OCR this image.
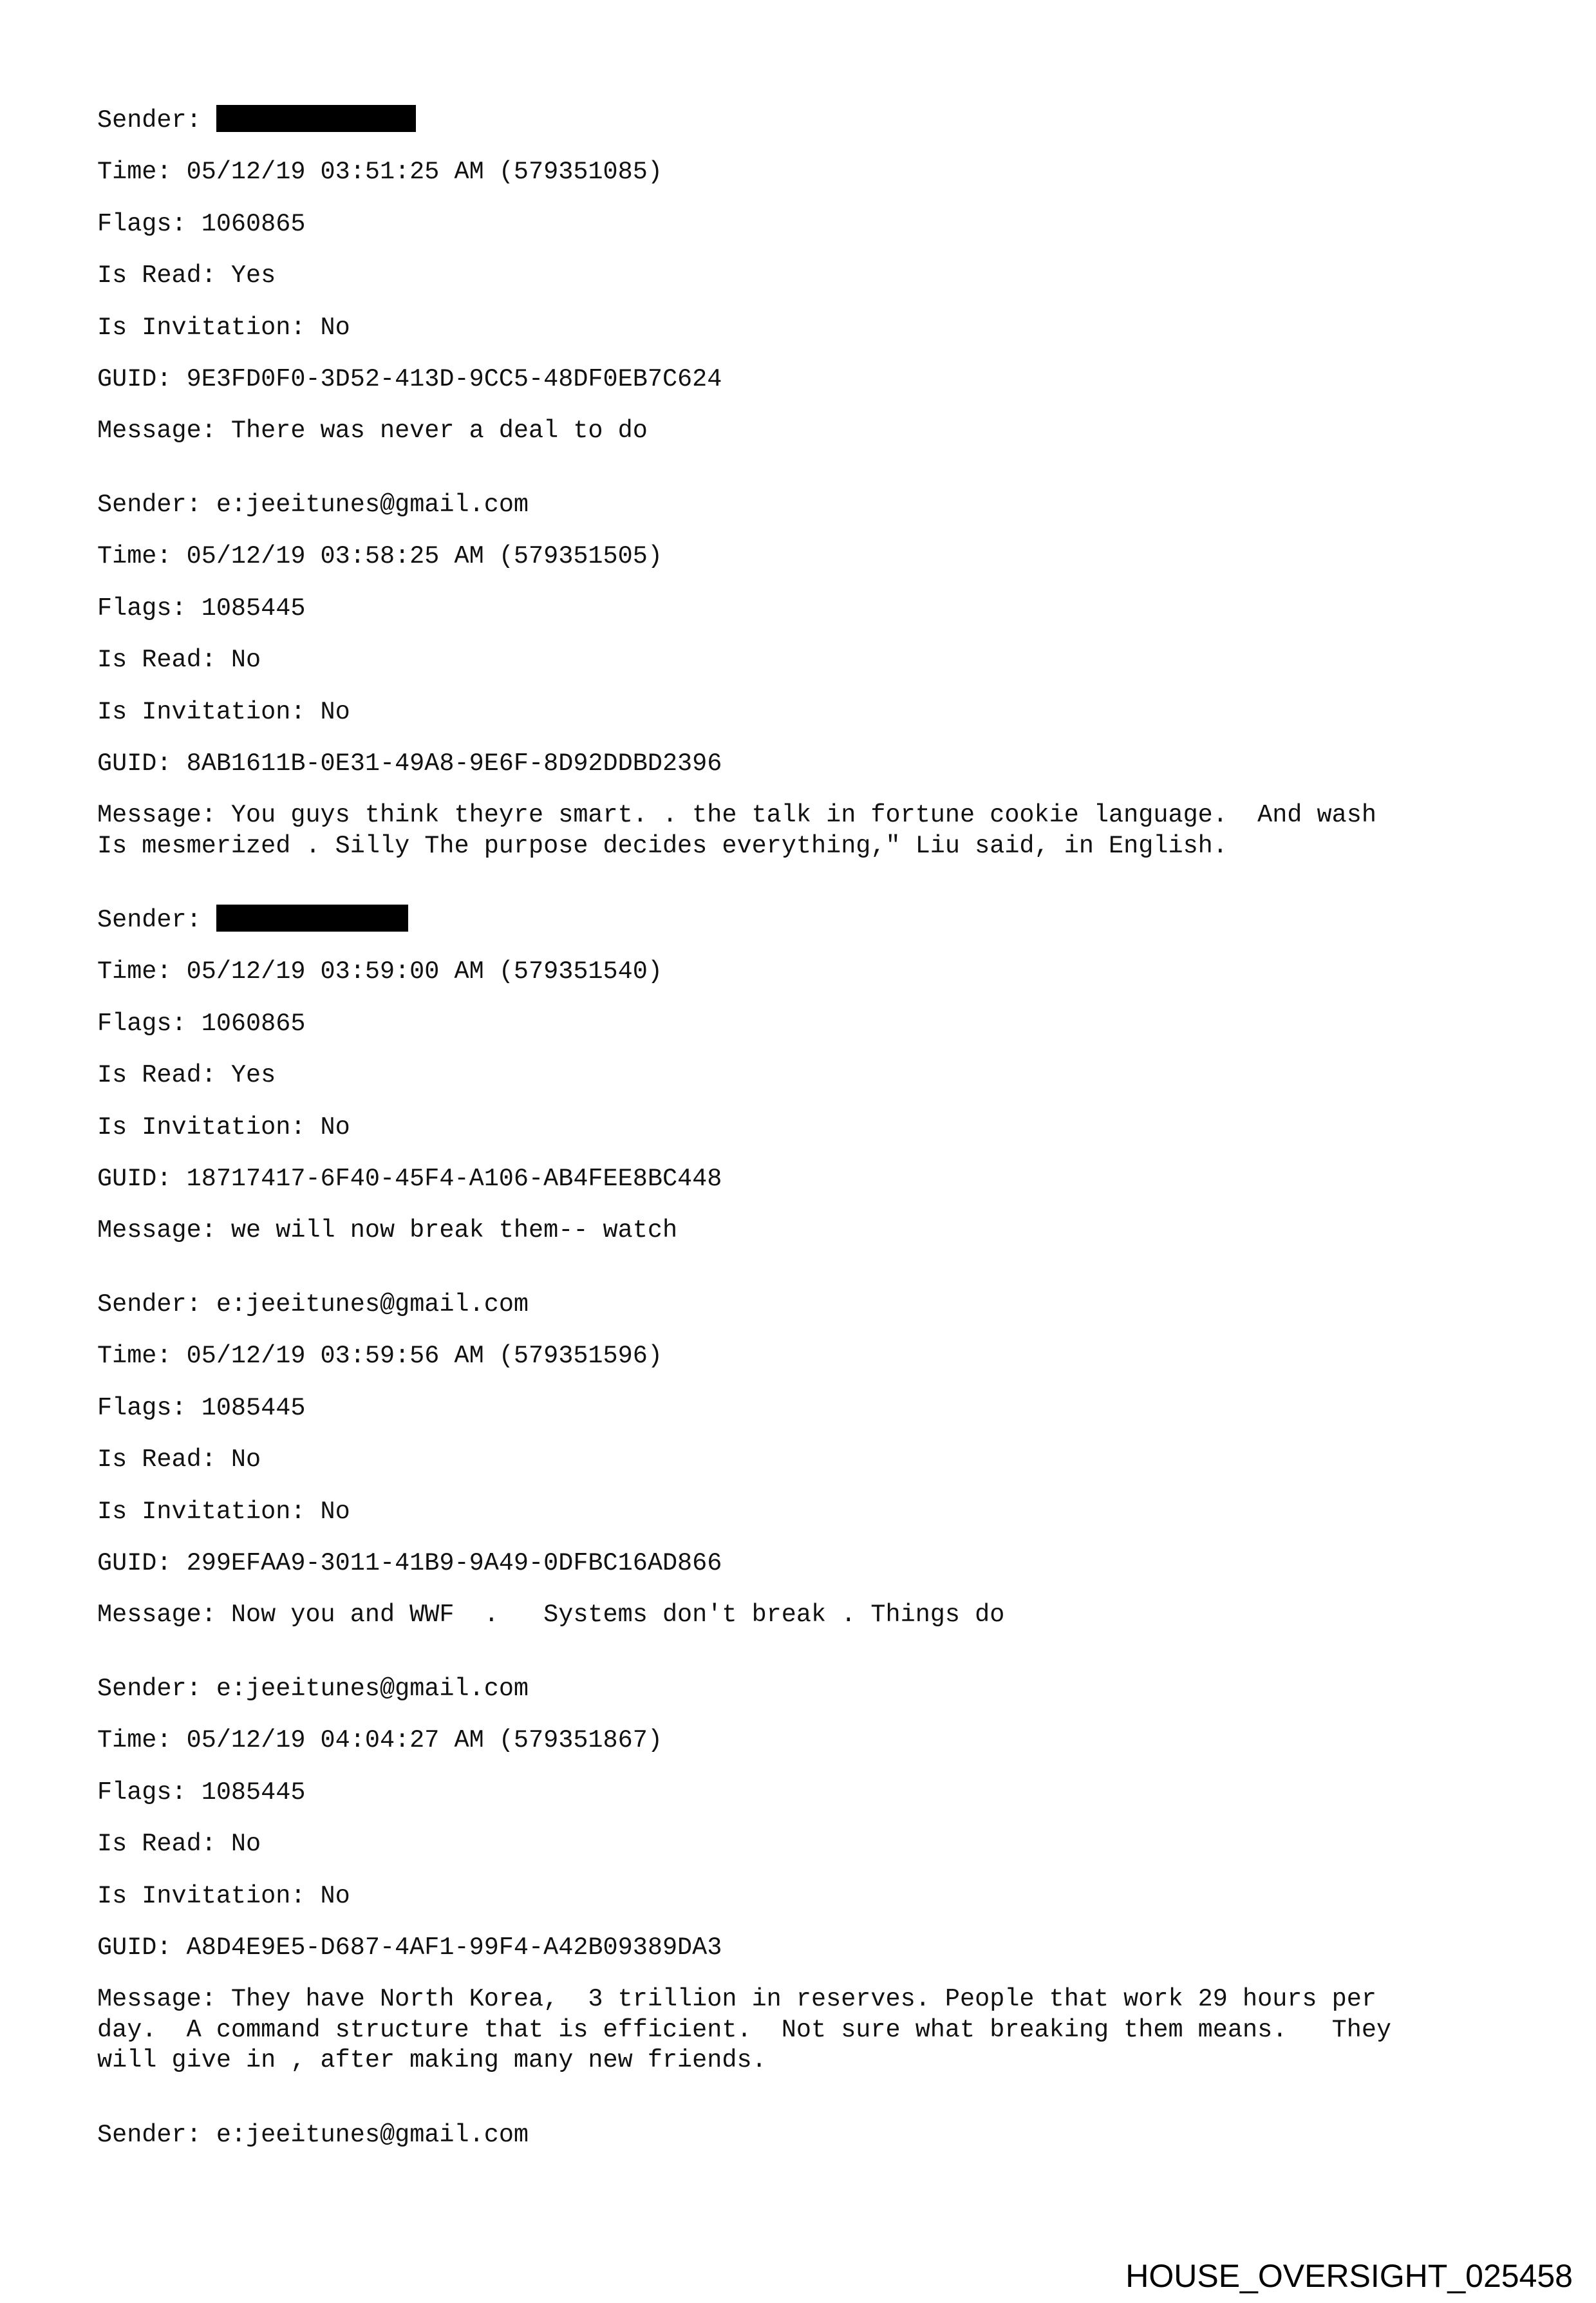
Sender:
Time: 05/12/19 03:51:25 AM (579351085)
Flags: 1060865
Is Read: Yes
Is Invitation: No
GUID: 9E3FD0F0-3D52-413D-9CC5-48DF0EB7C624
Message: There was never a deal to do
Sender: e:jeeitunes@gmail.com
Time: 05/12/19 03:58:25 AM (579351505)
Flags: 1085445
Is Read: No
Is Invitation: No
GUID: 8AB1611B-0E31-49A8-9E6F-8D92DDBD2396
Message: You guys think theyre smart. . the talk in fortune cookie language.  And wash
Is mesmerized . Silly The purpose decides everything," Liu said, in English.
Sender:
Time: 05/12/19 03:59:00 AM (579351540)
Flags: 1060865
Is Read: Yes
Is Invitation: No
GUID: 18717417-6F40-45F4-A106-AB4FEE8BC448
Message: we will now break them-- watch
Sender: e:jeeitunes@gmail.com
Time: 05/12/19 03:59:56 AM (579351596)
Flags: 1085445
Is Read: No
Is Invitation: No
GUID: 299EFAA9-3011-41B9-9A49-0DFBC16AD866
Message: Now you and WWF  .   Systems don't break . Things do
Sender: e:jeeitunes@gmail.com
Time: 05/12/19 04:04:27 AM (579351867)
Flags: 1085445
Is Read: No
Is Invitation: No
GUID: A8D4E9E5-D687-4AF1-99F4-A42B09389DA3
Message: They have North Korea,  3 trillion in reserves. People that work 29 hours per
day.  A command structure that is efficient.  Not sure what breaking them means.   They
will give in , after making many new friends.
Sender: e:jeeitunes@gmail.com
HOUSE_OVERSIGHT_025458
